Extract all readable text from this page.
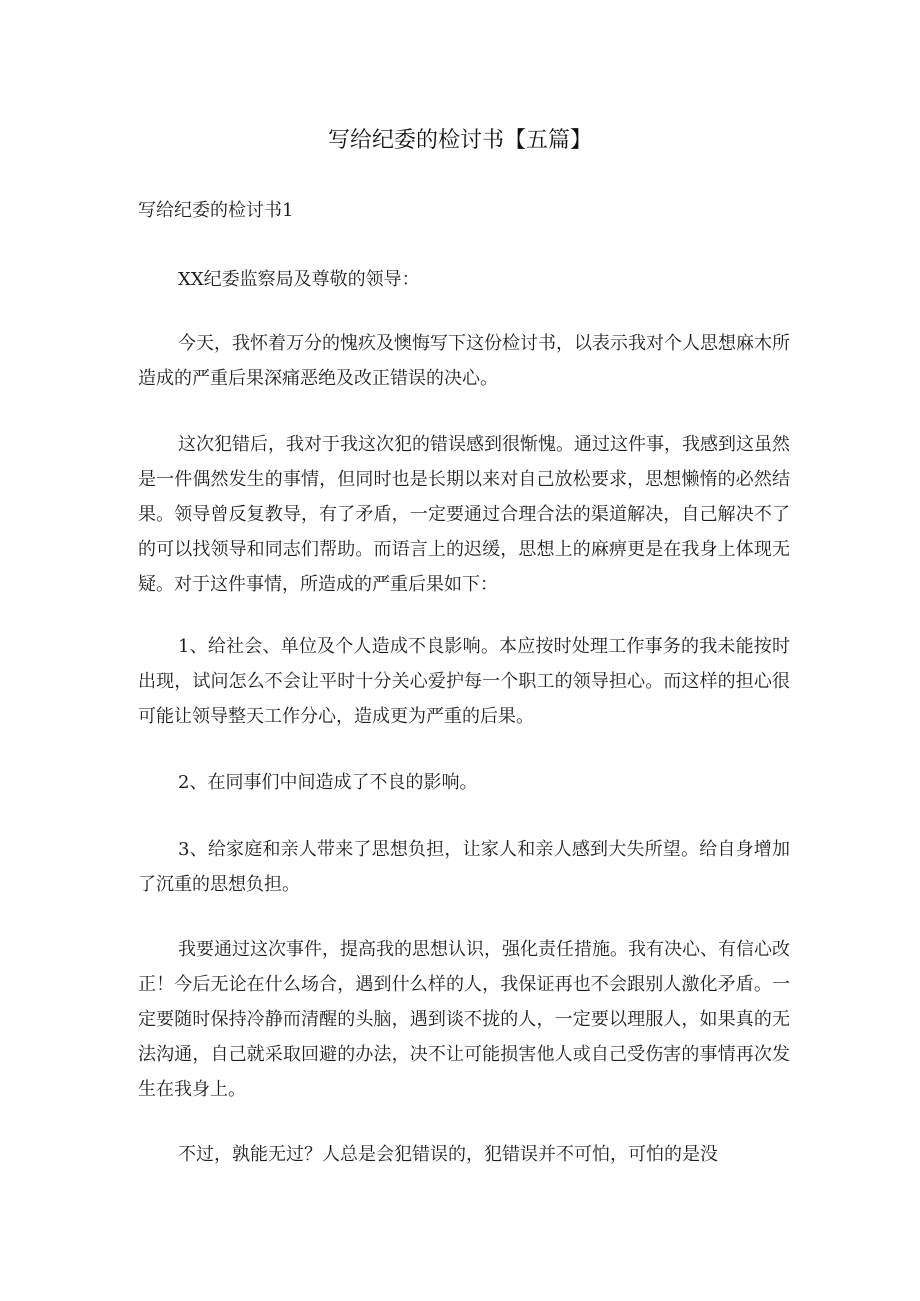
写给纪委的检讨书【五篇】

写给纪委的检讨书1

XX纪委监察局及尊敬的领导：

今天，我怀着万分的愧疚及懊悔写下这份检讨书，以表示我对个人思想麻木所造成的严重后果深痛恶绝及改正错误的决心。

这次犯错后，我对于我这次犯的错误感到很惭愧。通过这件事，我感到这虽然是一件偶然发生的事情，但同时也是长期以来对自己放松要求，思想懒惰的必然结果。领导曾反复教导，有了矛盾，一定要通过合理合法的渠道解决，自己解决不了的可以找领导和同志们帮助。而语言上的迟缓，思想上的麻痹更是在我身上体现无疑。对于这件事情，所造成的严重后果如下：

1、给社会、单位及个人造成不良影响。本应按时处理工作事务的我未能按时出现，试问怎么不会让平时十分关心爱护每一个职工的领导担心。而这样的担心很可能让领导整天工作分心，造成更为严重的后果。

2、在同事们中间造成了不良的影响。

3、给家庭和亲人带来了思想负担，让家人和亲人感到大失所望。给自身增加了沉重的思想负担。

我要通过这次事件，提高我的思想认识，强化责任措施。我有决心、有信心改正！今后无论在什么场合，遇到什么样的人，我保证再也不会跟别人激化矛盾。一定要随时保持冷静而清醒的头脑，遇到谈不拢的人，一定要以理服人，如果真的无法沟通，自己就采取回避的办法，决不让可能损害他人或自己受伤害的事情再次发生在我身上。

不过，孰能无过？人总是会犯错误的，犯错误并不可怕，可怕的是没
